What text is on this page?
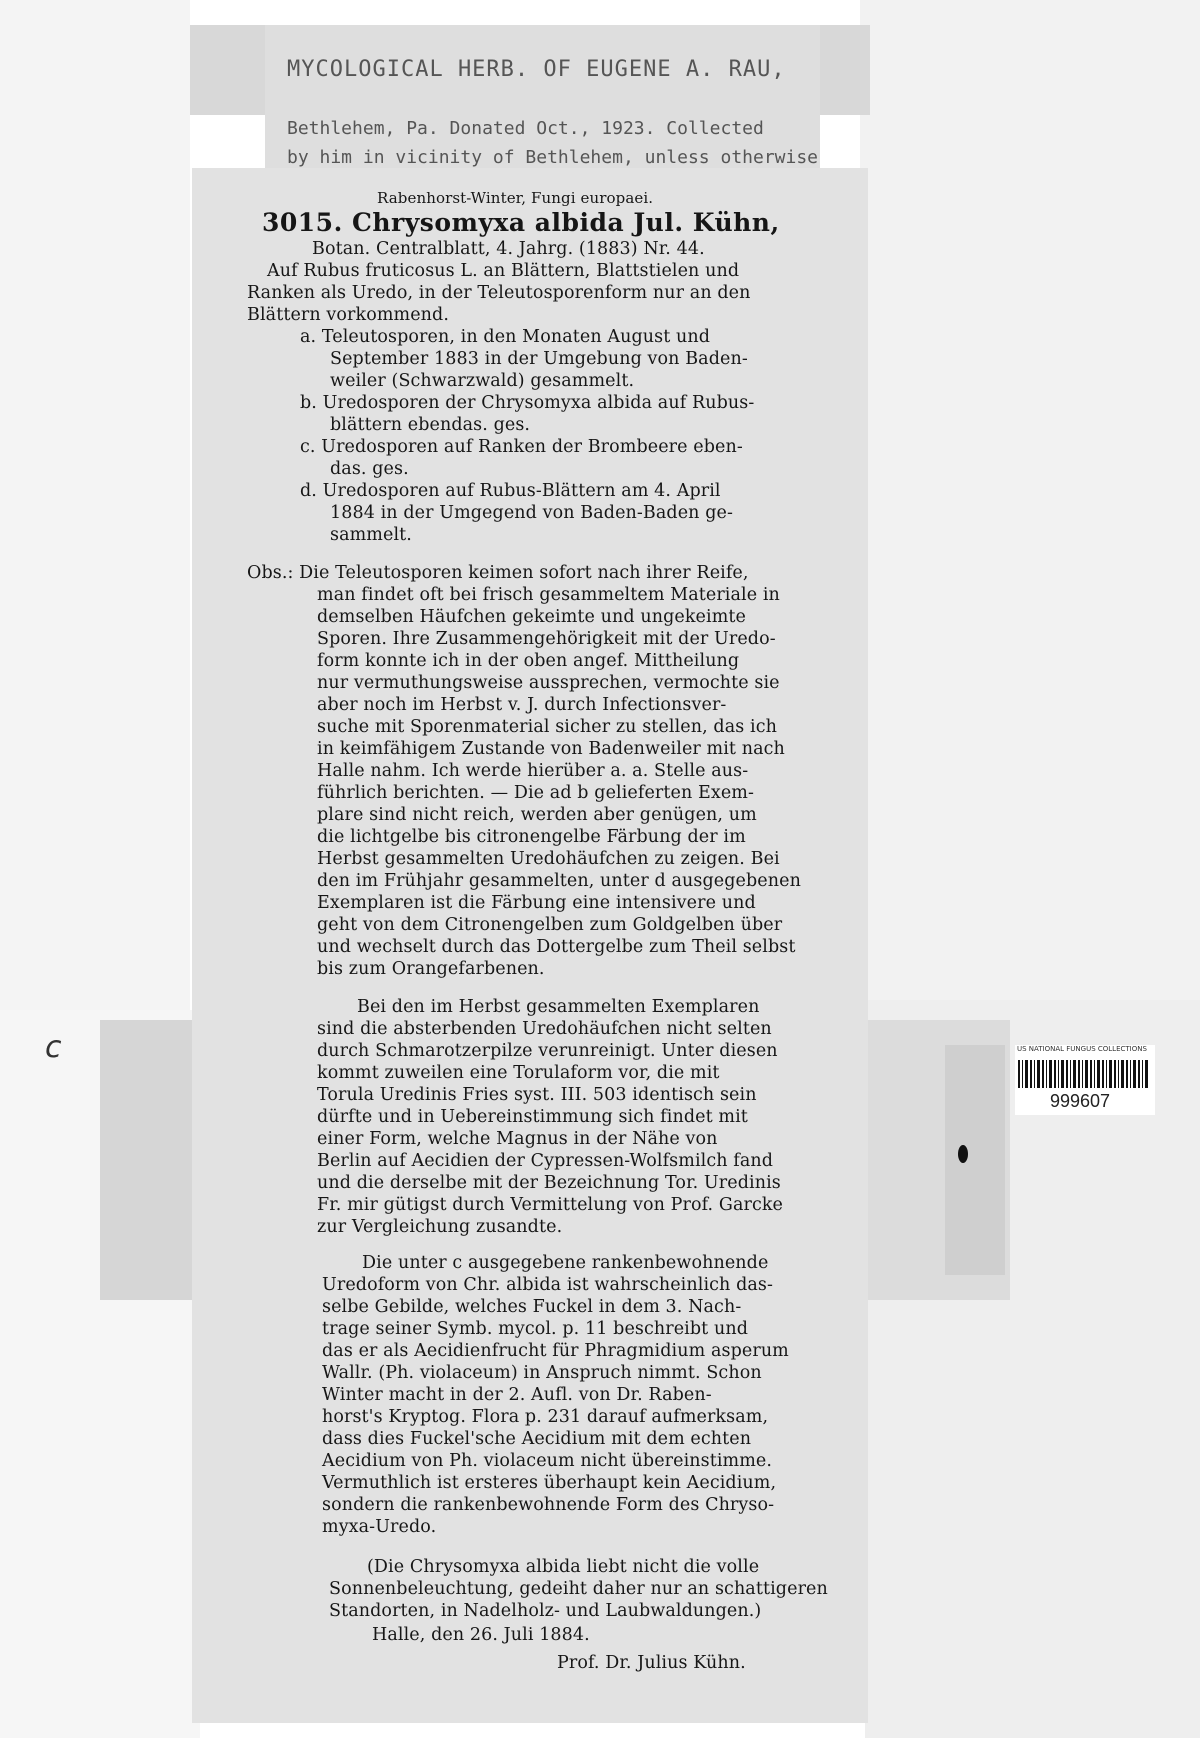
MYCOLOGICAL HERB. OF EUGENE A. RAU,
Bethlehem, Pa. Donated Oct., 1923. Collected
by him in vicinity of Bethlehem, unless otherwise
Rabenhorst-Winter, Fungi europaei.
3015. Chrysomyxa albida Jul. Kühn,
Botan. Centralblatt, 4. Jahrg. (1883) Nr. 44.
Auf Rubus fruticosus L. an Blättern, Blattstielen und
Ranken als Uredo, in der Teleutosporenform nur an den
Blättern vorkommend.
a. Teleutosporen, in den Monaten August und
September 1883 in der Umgebung von Baden-
weiler (Schwarzwald) gesammelt.
b. Uredosporen der Chrysomyxa albida auf Rubus-
blättern ebendas. ges.
c. Uredosporen auf Ranken der Brombeere eben-
das. ges.
d. Uredosporen auf Rubus-Blättern am 4. April
1884 in der Umgegend von Baden-Baden ge-
sammelt.
Obs.: Die Teleutosporen keimen sofort nach ihrer Reife,
man findet oft bei frisch gesammeltem Materiale in
demselben Häufchen gekeimte und ungekeimte
Sporen. Ihre Zusammengehörigkeit mit der Uredo-
form konnte ich in der oben angef. Mittheilung
nur vermuthungsweise aussprechen, vermochte sie
aber noch im Herbst v. J. durch Infectionsver-
suche mit Sporenmaterial sicher zu stellen, das ich
in keimfähigem Zustande von Badenweiler mit nach
Halle nahm. Ich werde hierüber a. a. Stelle aus-
führlich berichten. — Die ad b gelieferten Exem-
plare sind nicht reich, werden aber genügen, um
die lichtgelbe bis citronengelbe Färbung der im
Herbst gesammelten Uredohäufchen zu zeigen. Bei
den im Frühjahr gesammelten, unter d ausgegebenen
Exemplaren ist die Färbung eine intensivere und
geht von dem Citronengelben zum Goldgelben über
und wechselt durch das Dottergelbe zum Theil selbst
bis zum Orangefarbenen.
Bei den im Herbst gesammelten Exemplaren
sind die absterbenden Uredohäufchen nicht selten
durch Schmarotzerpilze verunreinigt. Unter diesen
kommt zuweilen eine Torulaform vor, die mit
Torula Uredinis Fries syst. III. 503 identisch sein
dürfte und in Uebereinstimmung sich findet mit
einer Form, welche Magnus in der Nähe von
Berlin auf Aecidien der Cypressen-Wolfsmilch fand
und die derselbe mit der Bezeichnung Tor. Uredinis
Fr. mir gütigst durch Vermittelung von Prof. Garcke
zur Vergleichung zusandte.
Die unter c ausgegebene rankenbewohnende
Uredoform von Chr. albida ist wahrscheinlich das-
selbe Gebilde, welches Fuckel in dem 3. Nach-
trage seiner Symb. mycol. p. 11 beschreibt und
das er als Aecidienfrucht für Phragmidium asperum
Wallr. (Ph. violaceum) in Anspruch nimmt. Schon
Winter macht in der 2. Aufl. von Dr. Raben-
horst's Kryptog. Flora p. 231 darauf aufmerksam,
dass dies Fuckel'sche Aecidium mit dem echten
Aecidium von Ph. violaceum nicht übereinstimme.
Vermuthlich ist ersteres überhaupt kein Aecidium,
sondern die rankenbewohnende Form des Chryso-
myxa-Uredo.
(Die Chrysomyxa albida liebt nicht die volle
Sonnenbeleuchtung, gedeiht daher nur an schattigeren
Standorten, in Nadelholz- und Laubwaldungen.)
Halle, den 26. Juli 1884.
Prof. Dr. Julius Kühn.
c	US NATIONAL FUNGUS COLLECTIONS
999607
